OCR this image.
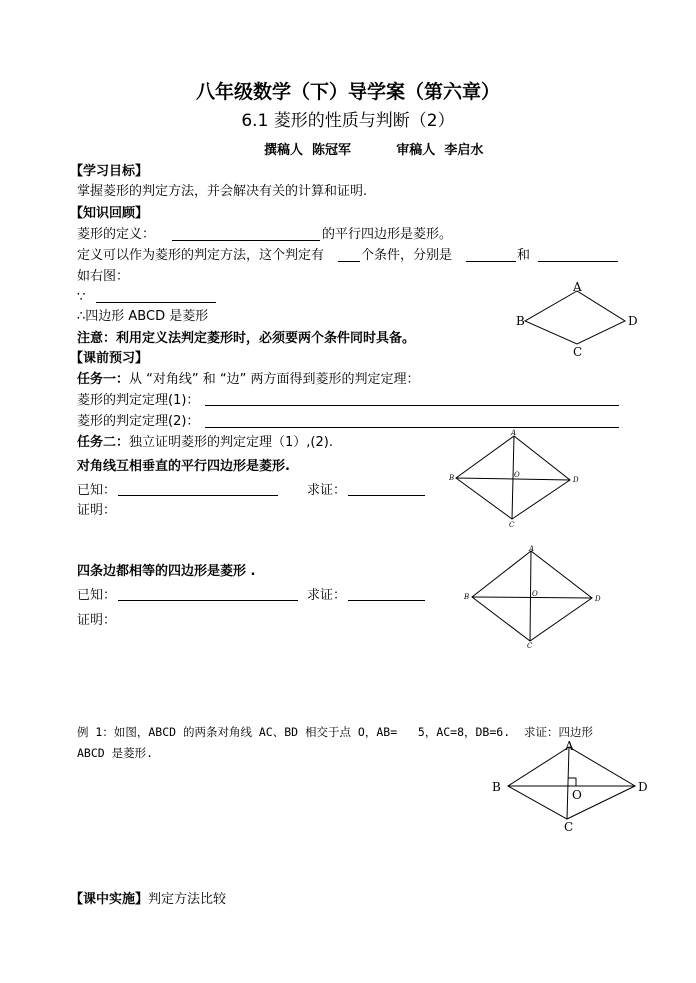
八年级数学（下）导学案（第六章）
6.1 菱形的性质与判断（2）
撰稿人  陈冠军          审稿人  李启水
【学习目标】
掌握菱形的判定方法，并会解决有关的计算和证明.
【知识回顾】
菱形的定义：	的平行四边形是菱形。
定义可以作为菱形的判定方法，这个判定有	个条件，分别是	和
如右图：
∵
∴四边形 ABCD 是菱形
注意：利用定义法判定菱形时，必须要两个条件同时具备。
A
B
C
D
【课前预习】
任务一：从 “对角线” 和 “边” 两方面得到菱形的判定定理：
菱形的判定定理(1)：
菱形的判定定理(2)：
任务二：独立证明菱形的判定定理（1）,(2).
对角线互相垂直的平行四边形是菱形.
已知：	求证：
证明：
A
B
C
D
O
四条边都相等的四边形是菱形 .
已知：	求证：
证明：
A
B
C
D
O
例 1：如图，ABCD 的两条对角线 AC、BD 相交于点 O，AB=   5，AC=8，DB=6.  求证：四边形
ABCD 是菱形.	A
B
C
D
O
【课中实施】判定方法比较
